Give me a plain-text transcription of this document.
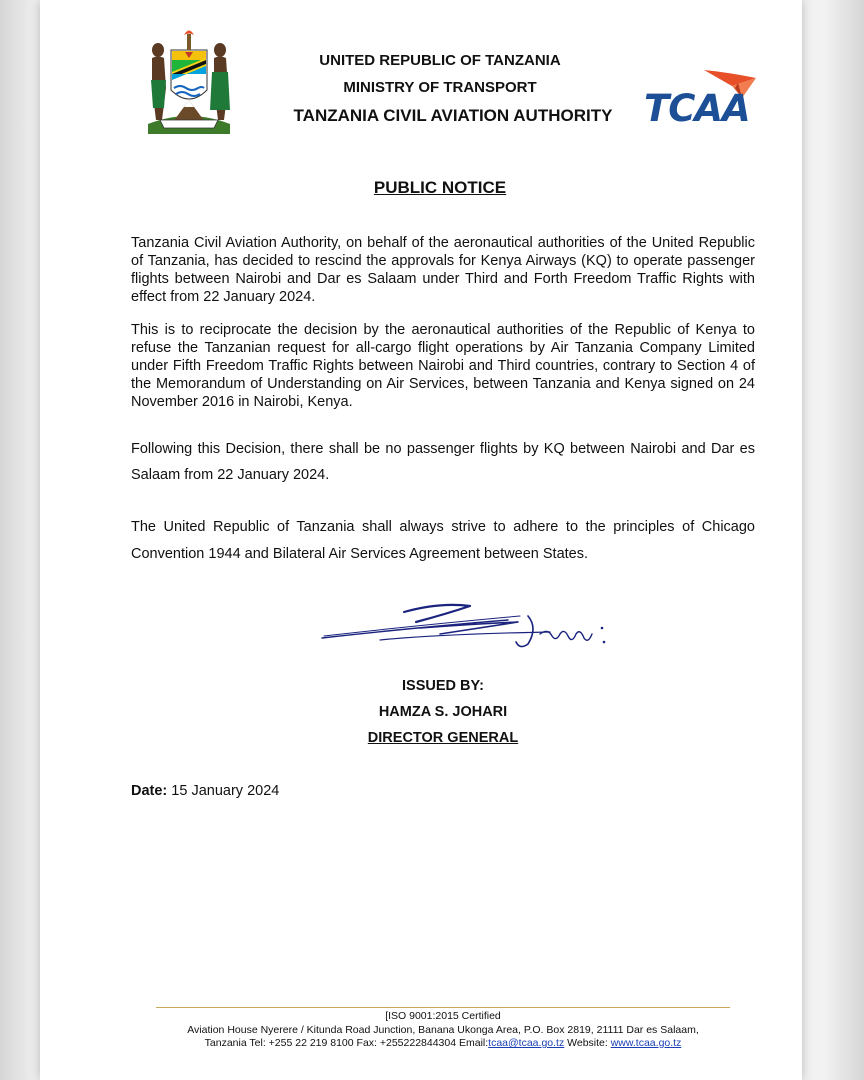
UNITED REPUBLIC OF TANZANIA
MINISTRY OF TRANSPORT
TANZANIA CIVIL AVIATION AUTHORITY TCAA
PUBLIC NOTICE

Tanzania Civil Aviation Authority, on behalf of the aeronautical authorities of the United Republic of Tanzania, has decided to rescind the approvals for Kenya Airways (KQ) to operate passenger flights between Nairobi and Dar es Salaam under Third and Forth Freedom Traffic Rights with effect from 22 January 2024.

This is to reciprocate the decision by the aeronautical authorities of the Republic of Kenya to refuse the Tanzanian request for all-cargo flight operations by Air Tanzania Company Limited under Fifth Freedom Traffic Rights between Nairobi and Third countries, contrary to Section 4 of the Memorandum of Understanding on Air Services, between Tanzania and Kenya signed on 24 November 2016 in Nairobi, Kenya.

Following this Decision, there shall be no passenger flights by KQ between Nairobi and Dar es Salaam from 22 January 2024.

The United Republic of Tanzania shall always strive to adhere to the principles of Chicago Convention 1944 and Bilateral Air Services Agreement between States.

ISSUED BY:
HAMZA S. JOHARI
DIRECTOR GENERAL
Date: 15 January 2024
[ISO 9001:2015 Certified
Aviation House Nyerere / Kitunda Road Junction, Banana Ukonga Area, P.O. Box 2819, 21111 Dar es Salaam,
Tanzania Tel: +255 22 219 8100 Fax: +255222844304 Email:tcaa@tcaa.go.tz Website: www.tcaa.go.tz
